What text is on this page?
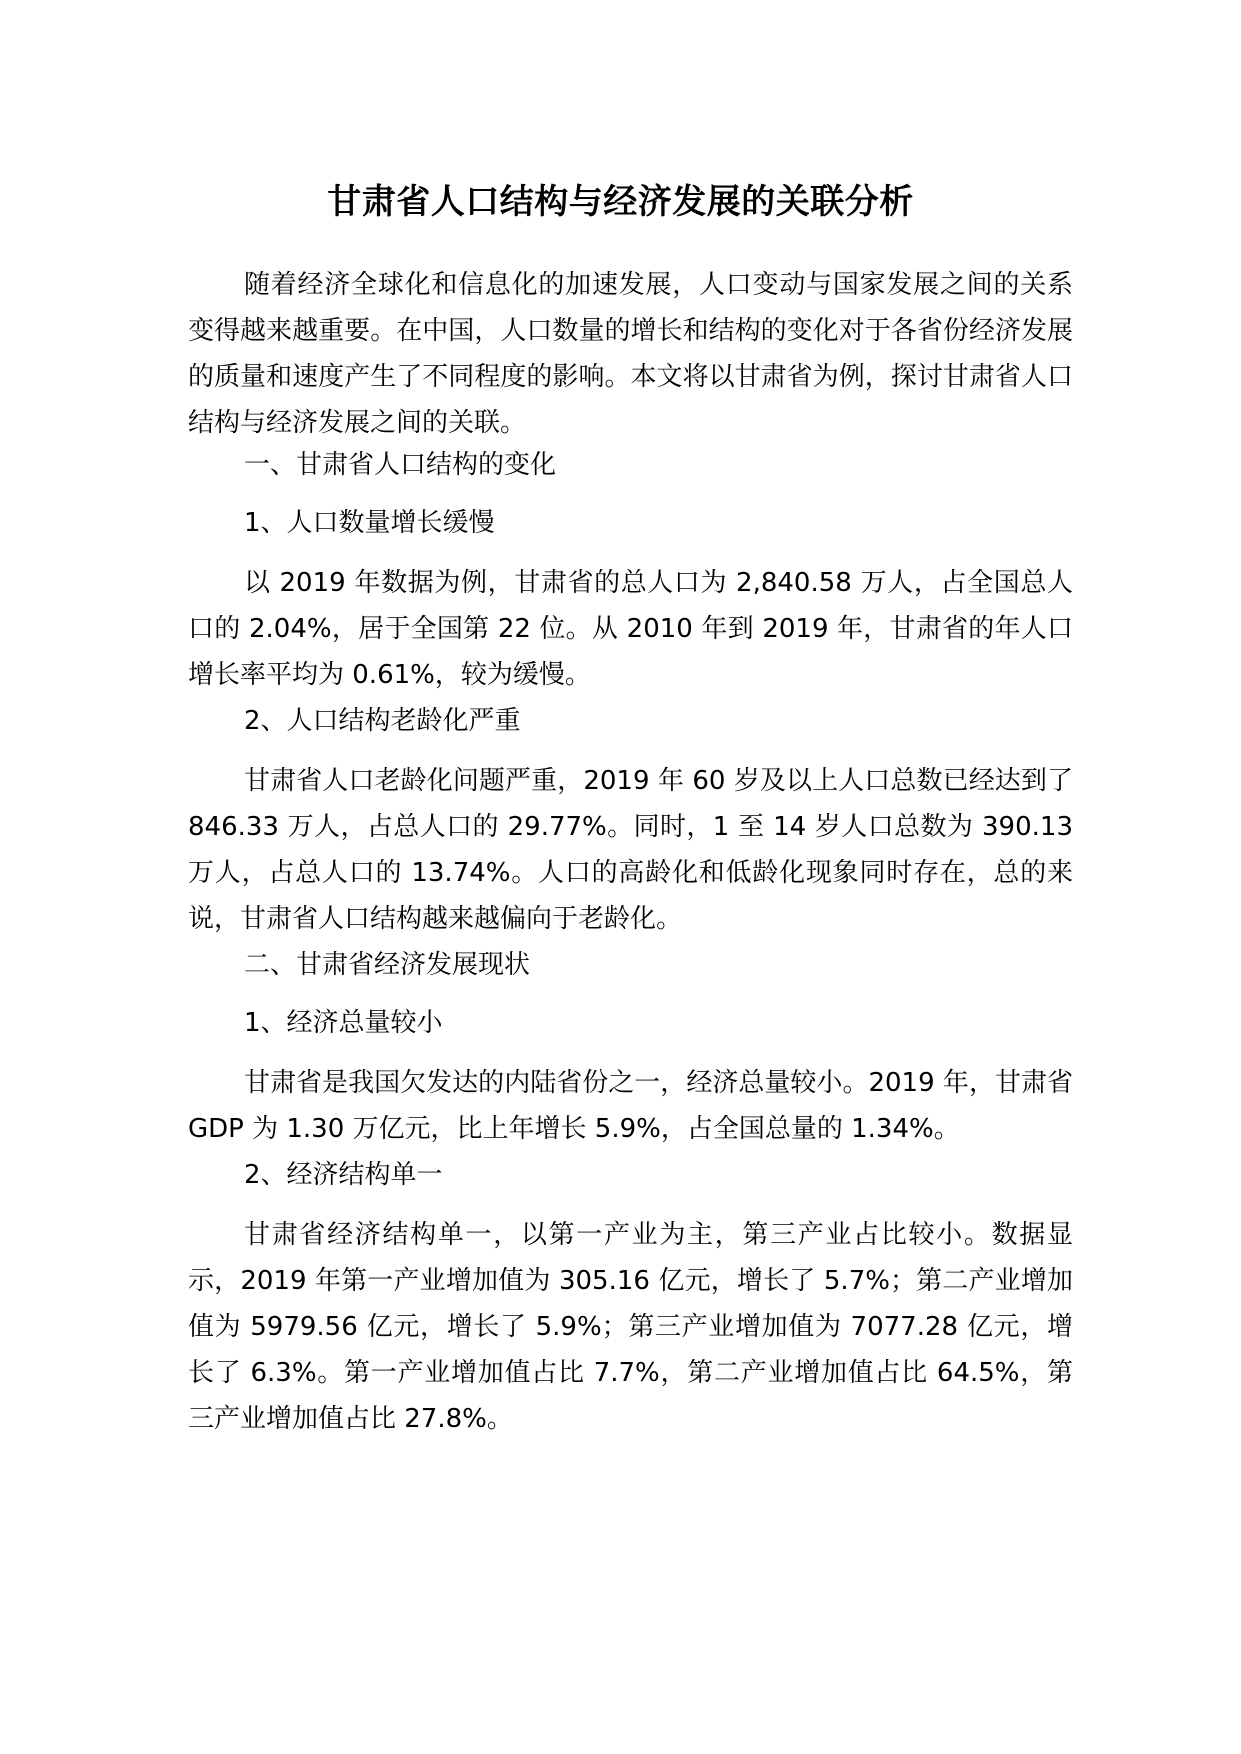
甘肃省人口结构与经济发展的关联分析

随着经济全球化和信息化的加速发展，人口变动与国家发展之间的关系变得越来越重要。在中国，人口数量的增长和结构的变化对于各省份经济发展的质量和速度产生了不同程度的影响。本文将以甘肃省为例，探讨甘肃省人口结构与经济发展之间的关联。

一、甘肃省人口结构的变化

1、人口数量增长缓慢

以 2019 年数据为例，甘肃省的总人口为 2,840.58 万人，占全国总人口的 2.04%，居于全国第 22 位。从 2010 年到 2019 年，甘肃省的年人口增长率平均为 0.61%，较为缓慢。

2、人口结构老龄化严重

甘肃省人口老龄化问题严重，2019 年 60 岁及以上人口总数已经达到了 846.33 万人，占总人口的 29.77%。同时，1 至 14 岁人口总数为 390.13 万人，占总人口的 13.74%。人口的高龄化和低龄化现象同时存在，总的来说，甘肃省人口结构越来越偏向于老龄化。

二、甘肃省经济发展现状

1、经济总量较小

甘肃省是我国欠发达的内陆省份之一，经济总量较小。2019 年，甘肃省 GDP 为 1.30 万亿元，比上年增长 5.9%，占全国总量的 1.34%。

2、经济结构单一

甘肃省经济结构单一，以第一产业为主，第三产业占比较小。数据显示，2019 年第一产业增加值为 305.16 亿元，增长了 5.7%；第二产业增加值为 5979.56 亿元，增长了 5.9%；第三产业增加值为 7077.28 亿元，增长了 6.3%。第一产业增加值占比 7.7%，第二产业增加值占比 64.5%，第三产业增加值占比 27.8%。
